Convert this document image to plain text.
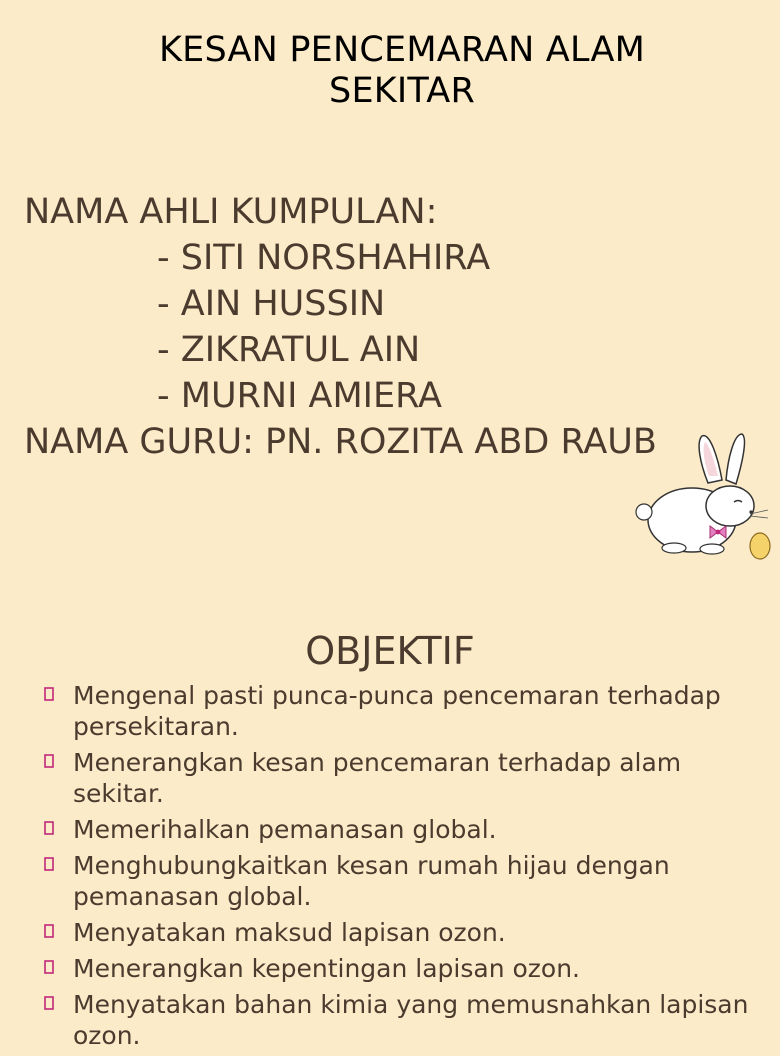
KESAN PENCEMARAN ALAM
SEKITAR
NAMA AHLI KUMPULAN:
- SITI NORSHAHIRA
- AIN HUSSIN
- ZIKRATUL AIN
- MURNI AMIERA
NAMA GURU: PN. ROZITA ABD RAUB
OBJEKTIF
Mengenal pasti punca-punca pencemaran terhadap persekitaran.
Menerangkan kesan pencemaran terhadap alam sekitar.
Memerihalkan pemanasan global.
Menghubungkaitkan kesan rumah hijau dengan pemanasan global.
Menyatakan maksud lapisan ozon.
Menerangkan kepentingan lapisan ozon.
Menyatakan bahan kimia yang memusnahkan lapisan ozon.
